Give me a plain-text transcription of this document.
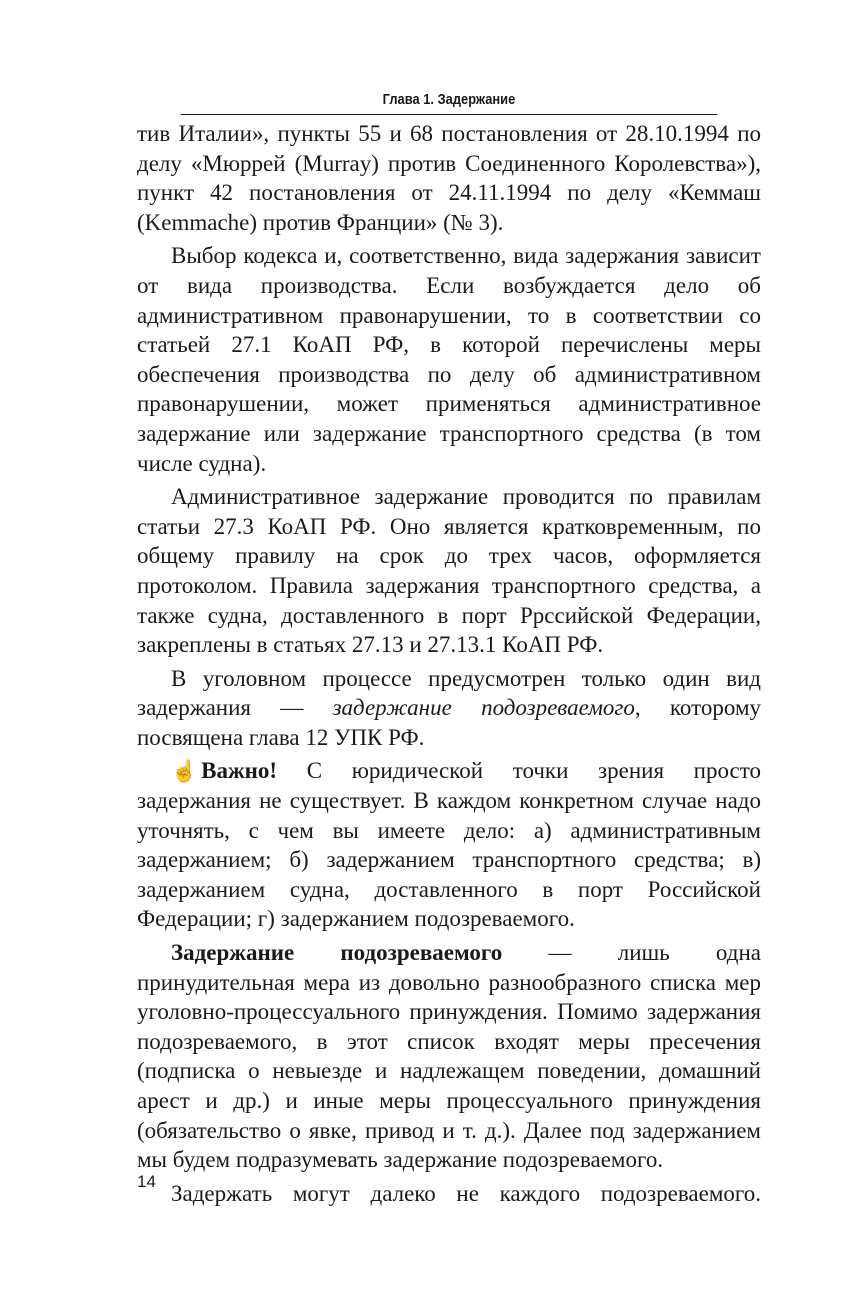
Глава 1. Задержание

тив Италии», пункты 55 и 68 постановления от 28.10.1994 по делу «Мюррей (Murray) против Соединенного Королевства»), пункт 42 постановления от 24.11.1994 по делу «Кеммаш (Kemmache) против Франции» (№ 3).

Выбор кодекса и, соответственно, вида задержания зависит от вида производства. Если возбуждается дело об административном правонарушении, то в соответствии со статьей 27.1 КоАП РФ, в которой перечислены меры обеспечения производства по делу об административном правонарушении, может применяться административное задержание или задержание транспортного средства (в том числе судна).

Административное задержание проводится по правилам статьи 27.3 КоАП РФ. Оно является кратковременным, по общему правилу на срок до трех часов, оформляется протоколом. Правила задержания транспортного средства, а также судна, доставленного в порт Ррссийской Федерации, закреплены в статьях 27.13 и 27.13.1 КоАП РФ.

В уголовном процессе предусмотрен только один вид задержания — задержание подозреваемого, которому посвящена глава 12 УПК РФ.

☝ Важно! С юридической точки зрения просто задержания не существует. В каждом конкретном случае надо уточнять, с чем вы имеете дело: а) административным задержанием; б) задержанием транспортного средства; в) задержанием судна, доставленного в порт Российской Федерации; г) задержанием подозреваемого.

Задержание подозреваемого — лишь одна принудительная мера из довольно разнообразного списка мер уголовно-процессуального принуждения. Помимо задержания подозреваемого, в этот список входят меры пресечения (подписка о невыезде и надлежащем поведении, домашний арест и др.) и иные меры процессуального принуждения (обязательство о явке, привод и т. д.). Далее под задержанием мы будем подразумевать задержание подозреваемого.

Задержать могут далеко не каждого подозреваемого.

14
